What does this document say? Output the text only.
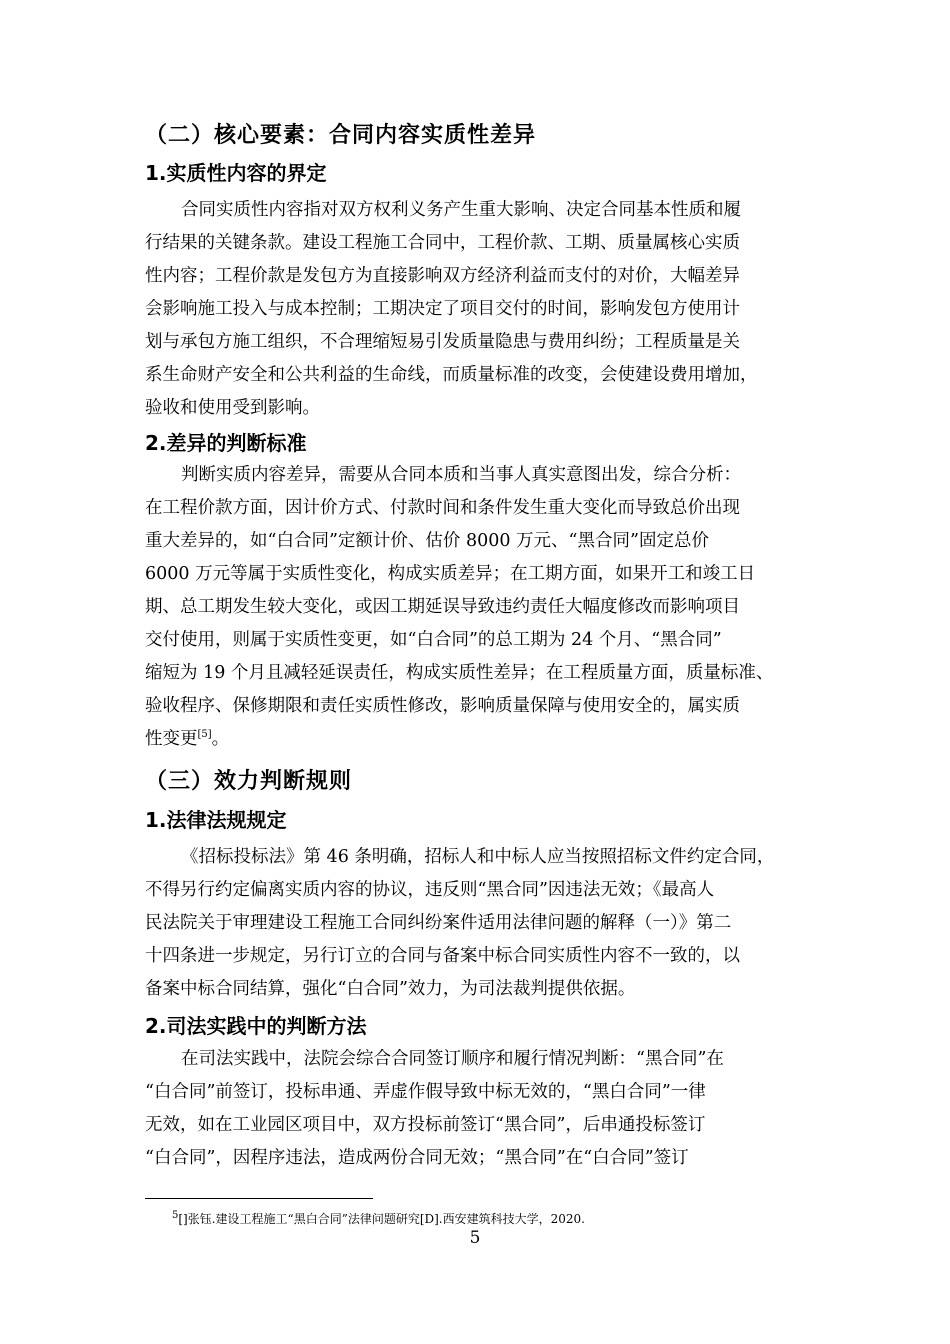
（二）核心要素：合同内容实质性差异
1.实质性内容的界定
合同实质性内容指对双方权利义务产生重大影响、决定合同基本性质和履
行结果的关键条款。建设工程施工合同中，工程价款、工期、质量属核心实质
性内容；工程价款是发包方为直接影响双方经济利益而支付的对价，大幅差异
会影响施工投入与成本控制；工期决定了项目交付的时间，影响发包方使用计
划与承包方施工组织，不合理缩短易引发质量隐患与费用纠纷；工程质量是关
系生命财产安全和公共利益的生命线，而质量标准的改变，会使建设费用增加，
验收和使用受到影响。
2.差异的判断标准
判断实质内容差异，需要从合同本质和当事人真实意图出发，综合分析：
在工程价款方面，因计价方式、付款时间和条件发生重大变化而导致总价出现
重大差异的，如“白合同”定额计价、估价 8000 万元、“黑合同”固定总价
6000 万元等属于实质性变化，构成实质差异；在工期方面，如果开工和竣工日
期、总工期发生较大变化，或因工期延误导致违约责任大幅度修改而影响项目
交付使用，则属于实质性变更，如“白合同”的总工期为 24 个月、“黑合同”
缩短为 19 个月且减轻延误责任，构成实质性差异；在工程质量方面，质量标准、
验收程序、保修期限和责任实质性修改，影响质量保障与使用安全的，属实质
性变更[5]。
（三）效力判断规则
1.法律法规规定
《招标投标法》第 46 条明确，招标人和中标人应当按照招标文件约定合同，
不得另行约定偏离实质内容的协议，违反则“黑合同”因违法无效；《最高人
民法院关于审理建设工程施工合同纠纷案件适用法律问题的解释（一）》第二
十四条进一步规定，另行订立的合同与备案中标合同实质性内容不一致的，以
备案中标合同结算，强化“白合同”效力，为司法裁判提供依据。
2.司法实践中的判断方法
在司法实践中，法院会综合合同签订顺序和履行情况判断：“黑合同”在
“白合同”前签订，投标串通、弄虚作假导致中标无效的，“黑白合同”一律
无效，如在工业园区项目中，双方投标前签订“黑合同”，后串通投标签订
“白合同”，因程序违法，造成两份合同无效；“黑合同”在“白合同”签订
$^5$[]张钰.建设工程施工“黑白合同”法律问题研究[D].西安建筑科技大学，2020.
5
